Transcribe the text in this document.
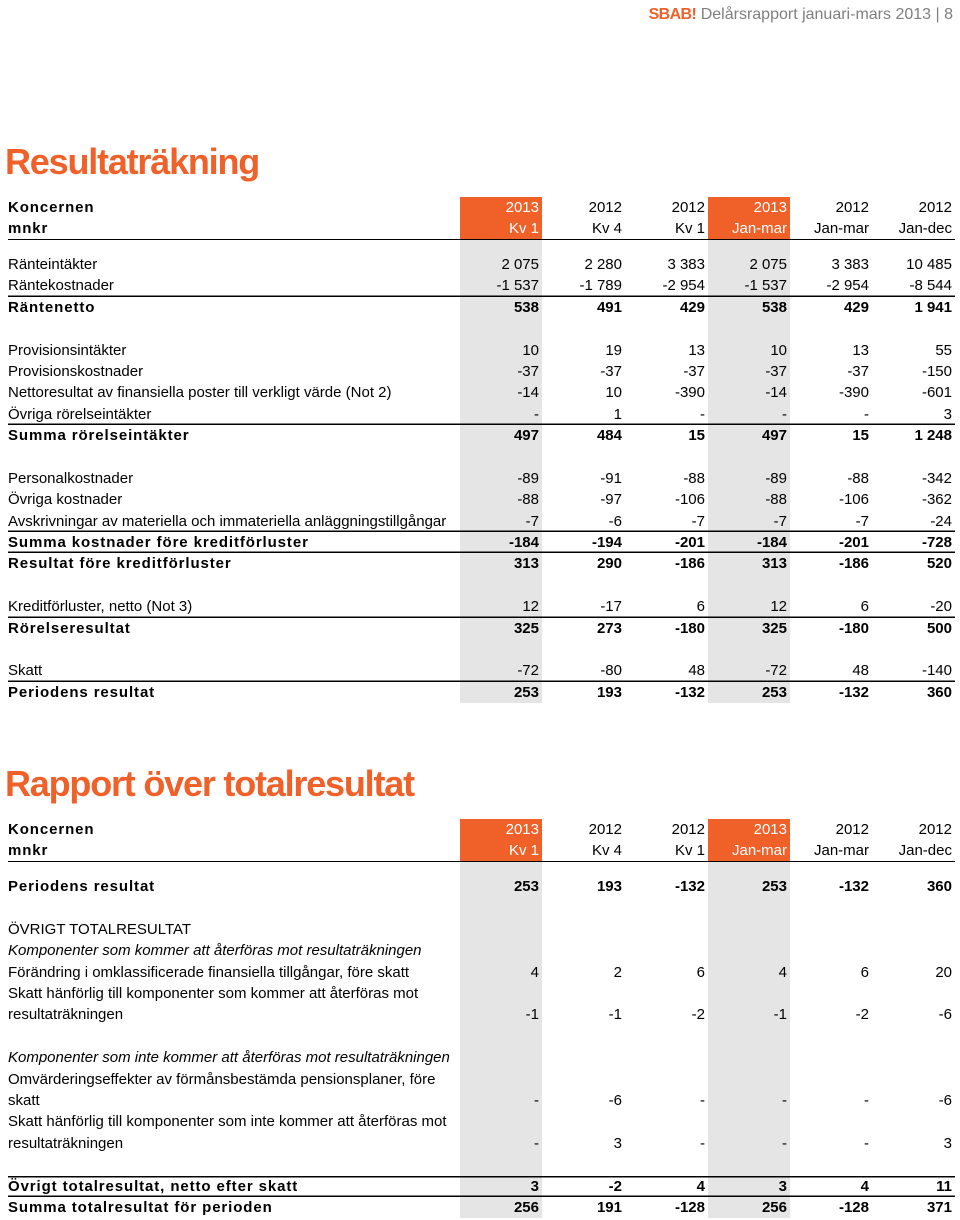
SBAB! Delårsrapport januari-mars 2013 | 8
Resultaträkning
Koncernen	2013	2012	2012	2013	2012	2012
mnkr	Kv 1	Kv 4	Kv 1	Jan-mar	Jan-mar	Jan-dec
Ränteintäkter	2 075	2 280	3 383	2 075	3 383	10 485
Räntekostnader	-1 537	-1 789	-2 954	-1 537	-2 954	-8 544
Räntenetto	538	491	429	538	429	1 941
Provisionsintäkter	10	19	13	10	13	55
Provisionskostnader	-37	-37	-37	-37	-37	-150
Nettoresultat av finansiella poster till verkligt värde (Not 2)	-14	10	-390	-14	-390	-601
Övriga rörelseintäkter	-	1	-	-	-	3
Summa rörelseintäkter	497	484	15	497	15	1 248
Personalkostnader	-89	-91	-88	-89	-88	-342
Övriga kostnader	-88	-97	-106	-88	-106	-362
Avskrivningar av materiella och immateriella anläggningstillgångar	-7	-6	-7	-7	-7	-24
Summa kostnader före kreditförluster	-184	-194	-201	-184	-201	-728
Resultat före kreditförluster	313	290	-186	313	-186	520
Kreditförluster, netto (Not 3)	12	-17	6	12	6	-20
Rörelseresultat	325	273	-180	325	-180	500
Skatt	-72	-80	48	-72	48	-140
Periodens resultat	253	193	-132	253	-132	360
Rapport över totalresultat
Koncernen	2013	2012	2012	2013	2012	2012
mnkr	Kv 1	Kv 4	Kv 1	Jan-mar	Jan-mar	Jan-dec
Periodens resultat	253	193	-132	253	-132	360
ÖVRIGT TOTALRESULTAT
Komponenter som kommer att återföras mot resultaträkningen
Förändring i omklassificerade finansiella tillgångar, före skatt	4	2	6	4	6	20
Skatt hänförlig till komponenter som kommer att återföras mot
resultaträkningen	-1	-1	-2	-1	-2	-6
Komponenter som inte kommer att återföras mot resultaträkningen
Omvärderingseffekter av förmånsbestämda pensionsplaner, före
skatt	-	-6	-	-	-	-6
Skatt hänförlig till komponenter som inte kommer att återföras mot
resultaträkningen	-	3	-	-	-	3
Övrigt totalresultat, netto efter skatt	3	-2	4	3	4	11
Summa totalresultat för perioden	256	191	-128	256	-128	371
